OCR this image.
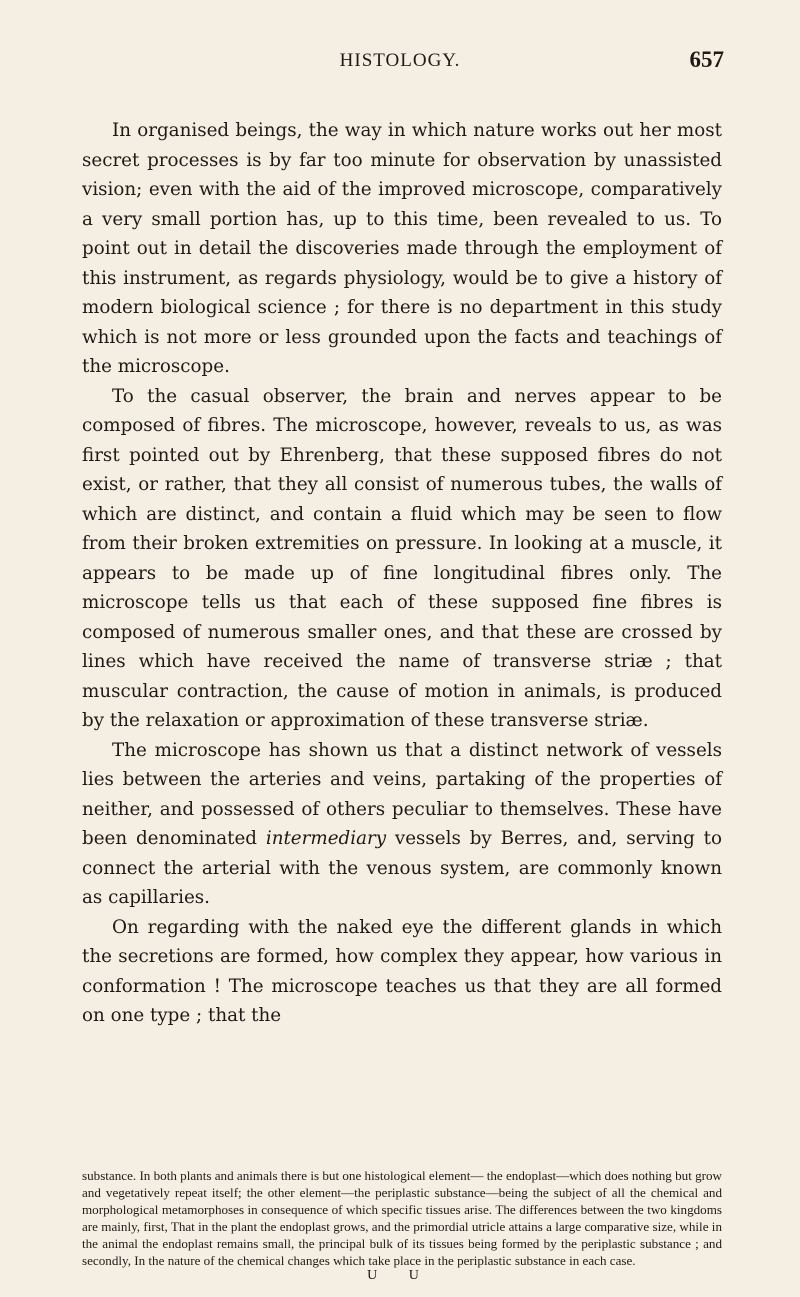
HISTOLOGY.	657

In organised beings, the way in which nature works out her most secret processes is by far too minute for observation by unassisted vision; even with the aid of the improved microscope, comparatively a very small portion has, up to this time, been revealed to us. To point out in detail the discoveries made through the employment of this instrument, as regards physiology, would be to give a history of modern biological science ; for there is no department in this study which is not more or less grounded upon the facts and teachings of the microscope.

To the casual observer, the brain and nerves appear to be composed of fibres. The microscope, however, reveals to us, as was first pointed out by Ehrenberg, that these supposed fibres do not exist, or rather, that they all consist of numerous tubes, the walls of which are distinct, and contain a fluid which may be seen to flow from their broken extremities on pressure. In looking at a muscle, it appears to be made up of fine longitudinal fibres only. The microscope tells us that each of these supposed fine fibres is composed of numerous smaller ones, and that these are crossed by lines which have received the name of transverse striæ ; that muscular contraction, the cause of motion in animals, is produced by the relaxation or approximation of these transverse striæ.

The microscope has shown us that a distinct network of vessels lies between the arteries and veins, partaking of the properties of neither, and possessed of others peculiar to themselves. These have been denominated intermediary vessels by Berres, and, serving to connect the arterial with the venous system, are commonly known as capillaries.

On regarding with the naked eye the different glands in which the secretions are formed, how complex they appear, how various in conformation ! The microscope teaches us that they are all formed on one type ; that the

substance. In both plants and animals there is but one histological element— the endoplast—which does nothing but grow and vegetatively repeat itself; the other element—the periplastic substance—being the subject of all the chemical and morphological metamorphoses in consequence of which specific tissues arise. The differences between the two kingdoms are mainly, first, That in the plant the endoplast grows, and the primordial utricle attains a large comparative size, while in the animal the endoplast remains small, the principal bulk of its tissues being formed by the periplastic substance ; and secondly, In the nature of the chemical changes which take place in the periplastic substance in each case.

U U
